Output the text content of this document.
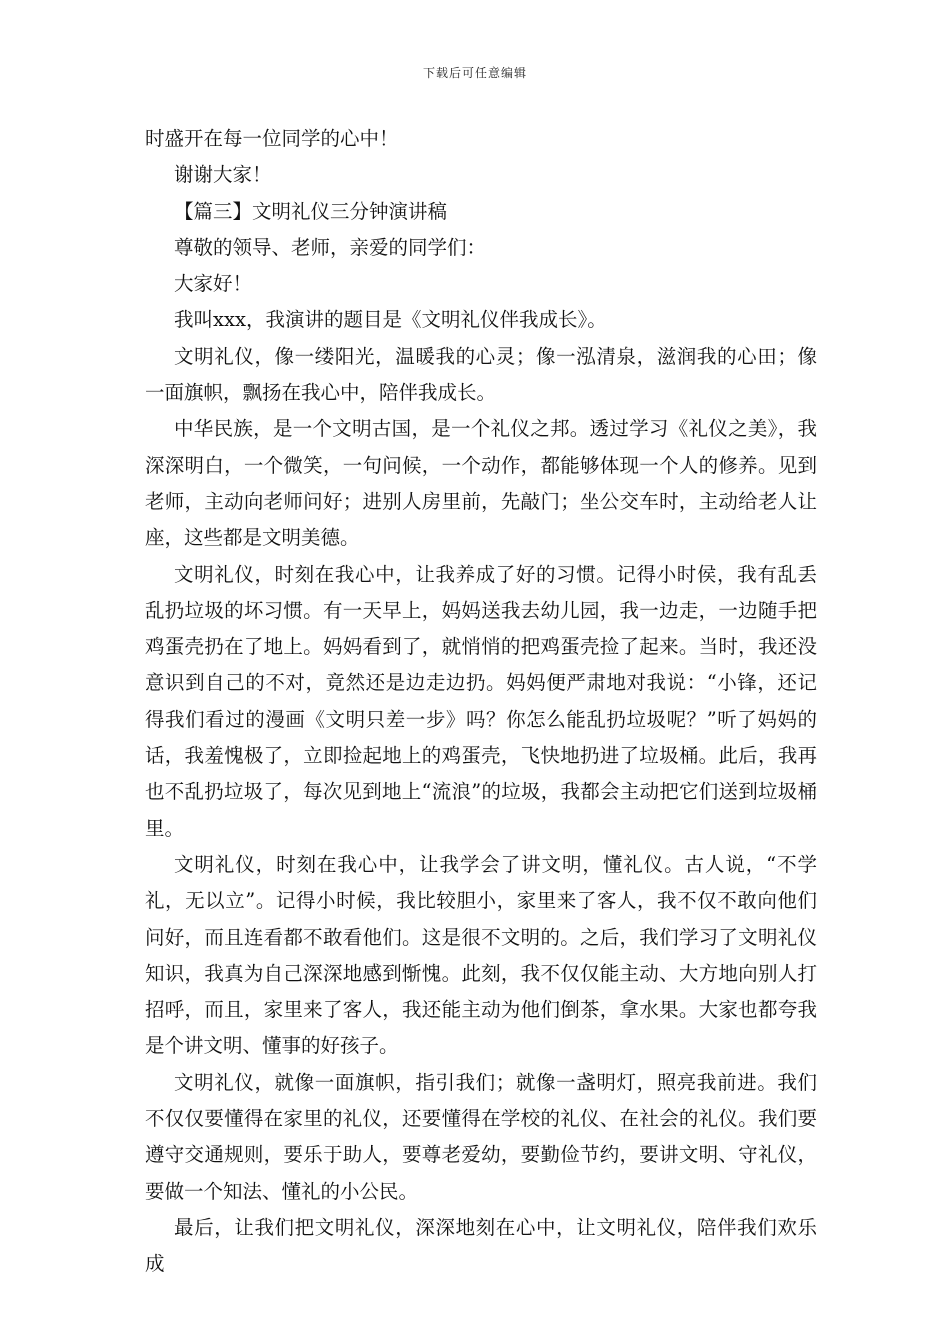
下载后可任意编辑

时盛开在每一位同学的心中！

谢谢大家！

【篇三】文明礼仪三分钟演讲稿

尊敬的领导、老师，亲爱的同学们：

大家好！

我叫xxx，我演讲的题目是《文明礼仪伴我成长》。

文明礼仪，像一缕阳光，温暖我的心灵；像一泓清泉，滋润我的心田；像一面旗帜，飘扬在我心中，陪伴我成长。

中华民族，是一个文明古国，是一个礼仪之邦。透过学习《礼仪之美》，我深深明白，一个微笑，一句问候，一个动作，都能够体现一个人的修养。见到老师，主动向老师问好；进别人房里前，先敲门；坐公交车时，主动给老人让座，这些都是文明美德。

文明礼仪，时刻在我心中，让我养成了好的习惯。记得小时侯，我有乱丢乱扔垃圾的坏习惯。有一天早上，妈妈送我去幼儿园，我一边走，一边随手把鸡蛋壳扔在了地上。妈妈看到了，就悄悄的把鸡蛋壳捡了起来。当时，我还没意识到自己的不对，竟然还是边走边扔。妈妈便严肃地对我说：“小锋，还记得我们看过的漫画《文明只差一步》吗？你怎么能乱扔垃圾呢？”听了妈妈的话，我羞愧极了，立即捡起地上的鸡蛋壳，飞快地扔进了垃圾桶。此后，我再也不乱扔垃圾了，每次见到地上“流浪”的垃圾，我都会主动把它们送到垃圾桶里。

文明礼仪，时刻在我心中，让我学会了讲文明，懂礼仪。古人说，“不学礼，无以立”。记得小时候，我比较胆小，家里来了客人，我不仅不敢向他们问好，而且连看都不敢看他们。这是很不文明的。之后，我们学习了文明礼仪知识，我真为自己深深地感到惭愧。此刻，我不仅仅能主动、大方地向别人打招呼，而且，家里来了客人，我还能主动为他们倒茶，拿水果。大家也都夸我是个讲文明、懂事的好孩子。

文明礼仪，就像一面旗帜，指引我们；就像一盏明灯，照亮我前进。我们不仅仅要懂得在家里的礼仪，还要懂得在学校的礼仪、在社会的礼仪。我们要遵守交通规则，要乐于助人，要尊老爱幼，要勤俭节约，要讲文明、守礼仪，要做一个知法、懂礼的小公民。

最后，让我们把文明礼仪，深深地刻在心中，让文明礼仪，陪伴我们欢乐成
